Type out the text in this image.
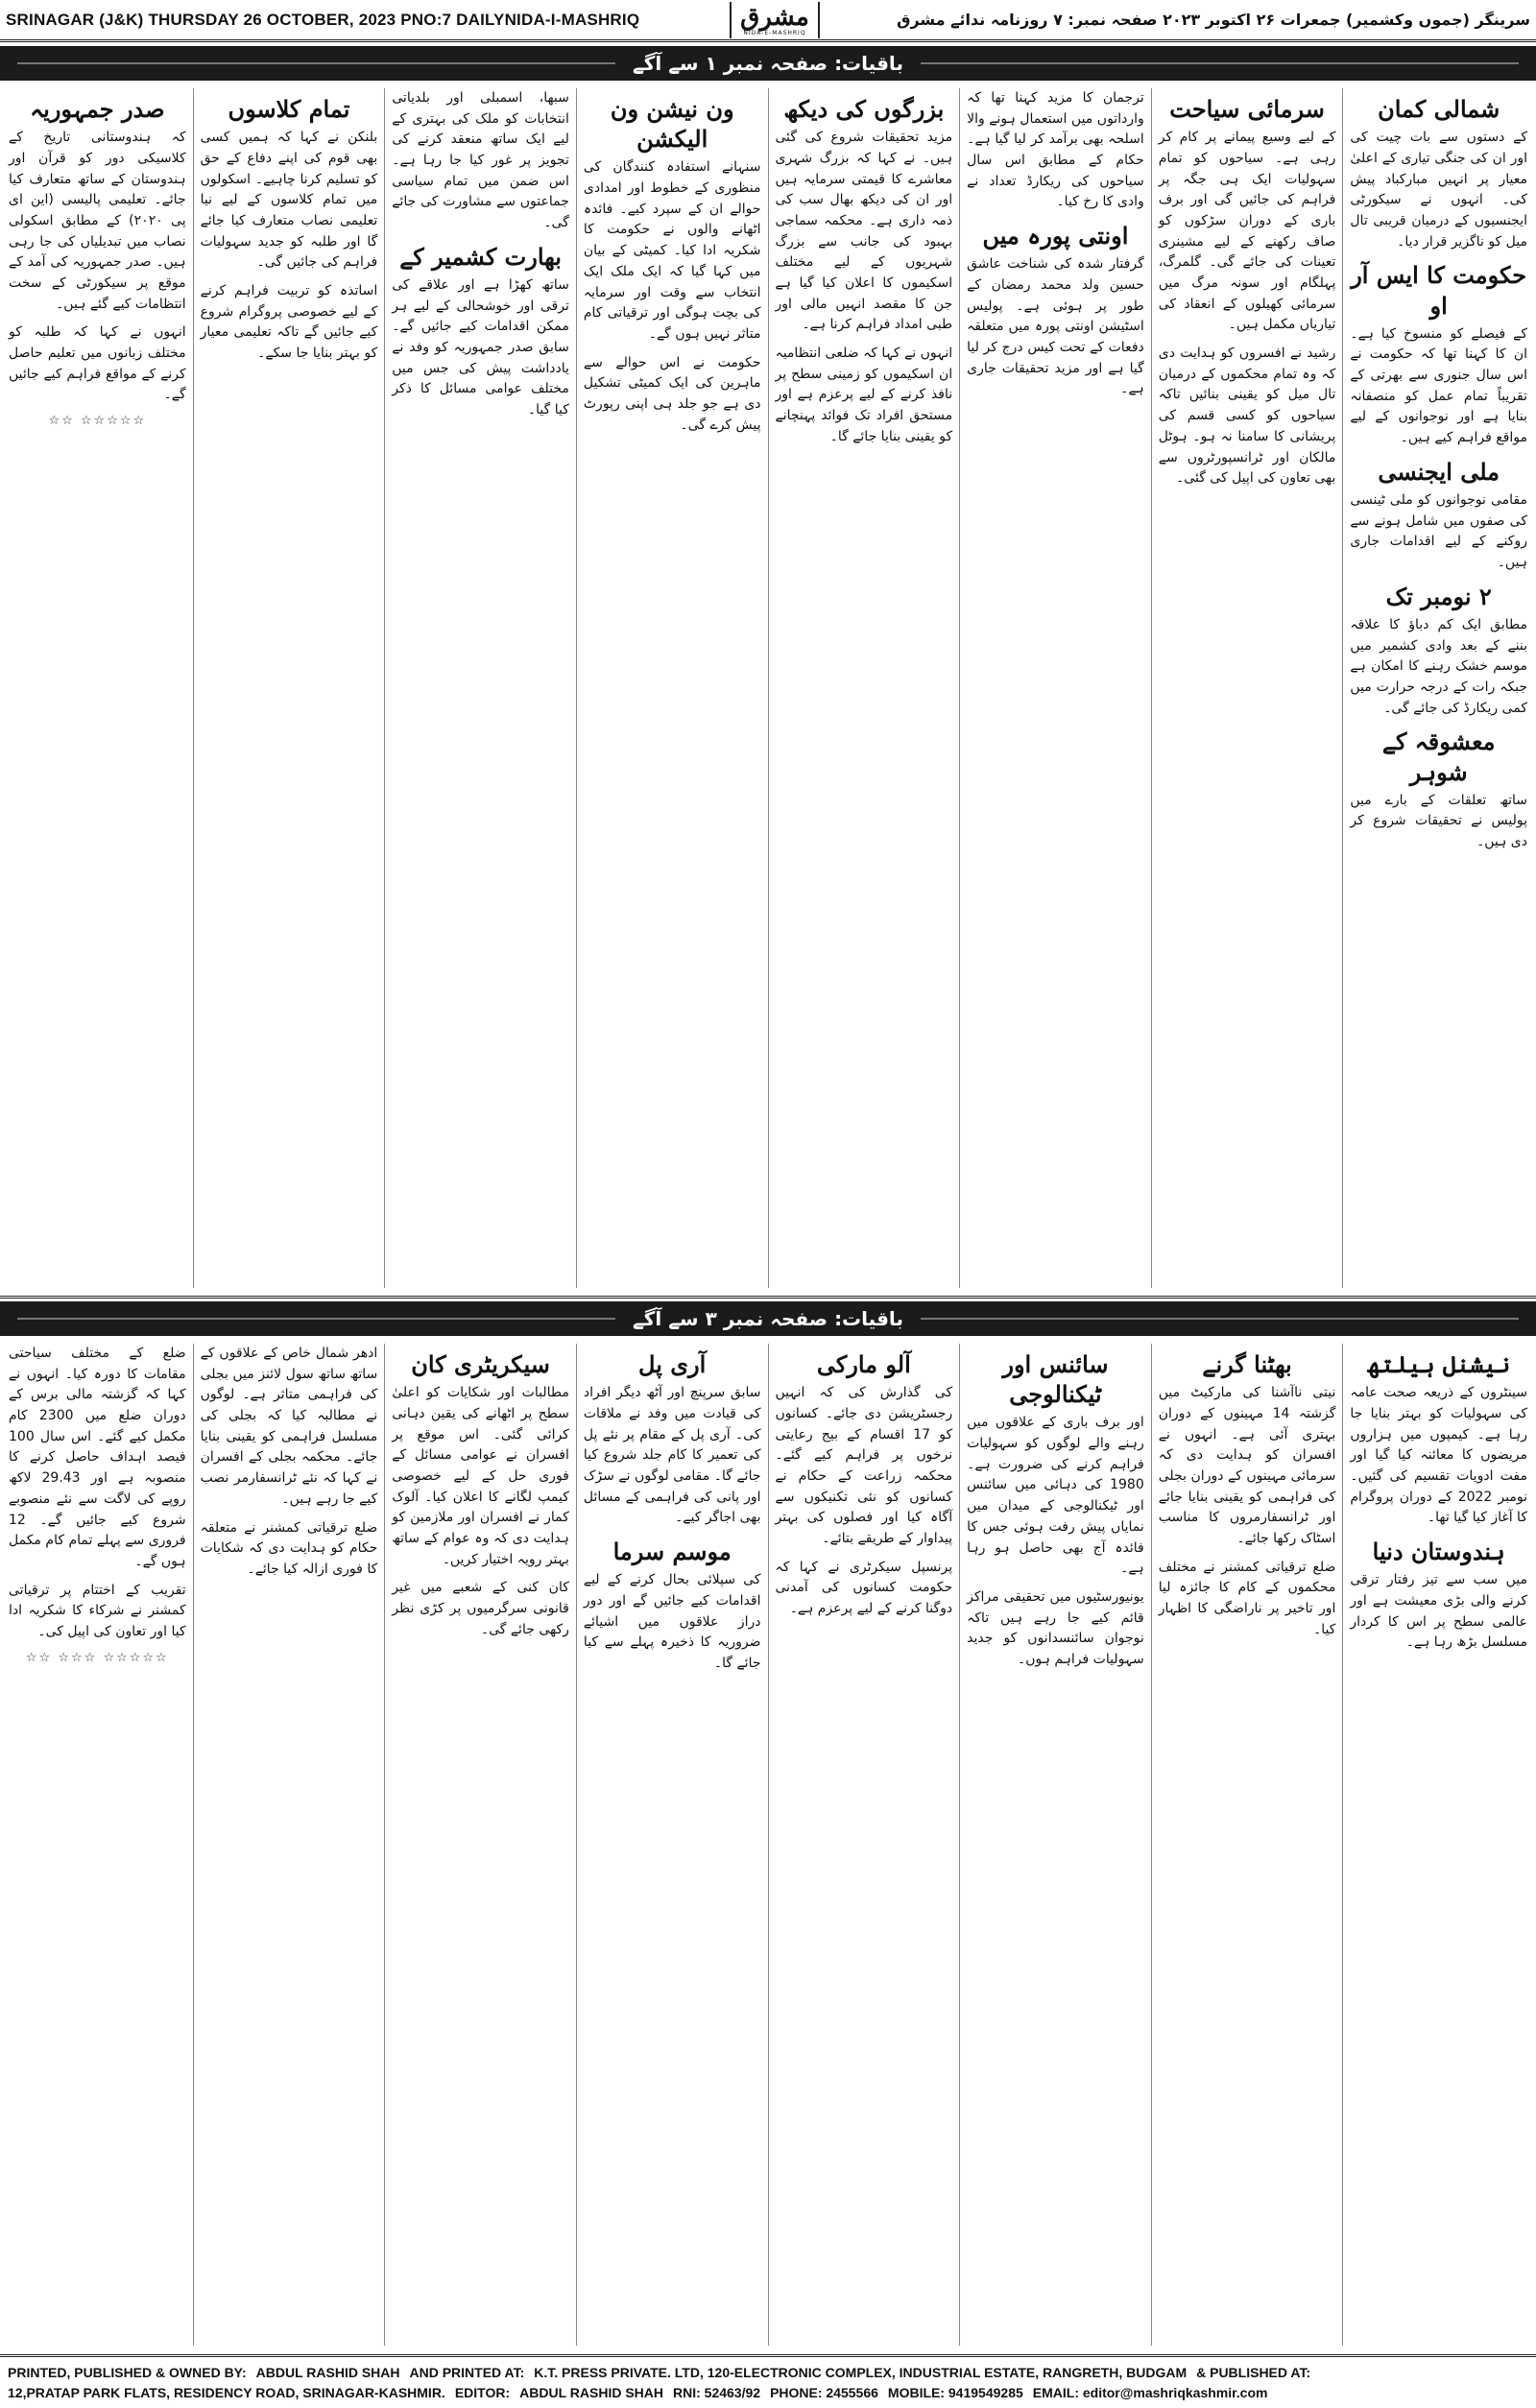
SRINAGAR (J&K) THURSDAY 26 OCTOBER, 2023 PNO:7 DAILYNIDA-I-MASHRIQ	سرینگر (جموں وکشمیر) جمعرات ۲۶ اکتوبر ۲۰۲۳ صفحہ نمبر: ۷ روزنامہ ندائے مشرق
مشرق
NIDA-E-MASHRIQ
باقیات: صفحہ نمبر ۱ سے آگے
شمالی کمان

کے دستوں سے بات چیت کی اور ان کی جنگی تیاری کے اعلیٰ معیار پر انہیں مبارکباد پیش کی۔ انہوں نے سیکورٹی ایجنسیوں کے درمیان قریبی تال میل کو ناگزیر قرار دیا۔

حکومت کا ایس آر او

کے فیصلے کو منسوخ کیا ہے۔ ان کا کہنا تھا کہ حکومت نے اس سال جنوری سے بھرتی کے تقریباً تمام عمل کو منصفانہ بنایا ہے اور نوجوانوں کے لیے مواقع فراہم کیے ہیں۔

ملی ایجنسی

مقامی نوجوانوں کو ملی ٹینسی کی صفوں میں شامل ہونے سے روکنے کے لیے اقدامات جاری ہیں۔

۲ نومبر تک

مطابق ایک کم دباؤ کا علاقہ بننے کے بعد وادی کشمیر میں موسم خشک رہنے کا امکان ہے جبکہ رات کے درجہ حرارت میں کمی ریکارڈ کی جائے گی۔

معشوقہ کے شوہر

ساتھ تعلقات کے بارے میں پولیس نے تحقیقات شروع کر دی ہیں۔

سرمائی سیاحت

کے لیے وسیع پیمانے پر کام کر رہی ہے۔ سیاحوں کو تمام سہولیات ایک ہی جگہ پر فراہم کی جائیں گی اور برف باری کے دوران سڑکوں کو صاف رکھنے کے لیے مشینری تعینات کی جائے گی۔ گلمرگ، پہلگام اور سونہ مرگ میں سرمائی کھیلوں کے انعقاد کی تیاریاں مکمل ہیں۔

رشید نے افسروں کو ہدایت دی کہ وہ تمام محکموں کے درمیان تال میل کو یقینی بنائیں تاکہ سیاحوں کو کسی قسم کی پریشانی کا سامنا نہ ہو۔ ہوٹل مالکان اور ٹرانسپورٹروں سے بھی تعاون کی اپیل کی گئی۔

ترجمان کا مزید کہنا تھا کہ وارداتوں میں استعمال ہونے والا اسلحہ بھی برآمد کر لیا گیا ہے۔ حکام کے مطابق اس سال سیاحوں کی ریکارڈ تعداد نے وادی کا رخ کیا۔

اونتی پورہ میں

گرفتار شدہ کی شناخت عاشق حسین ولد محمد رمضان کے طور پر ہوئی ہے۔ پولیس اسٹیشن اونتی پورہ میں متعلقہ دفعات کے تحت کیس درج کر لیا گیا ہے اور مزید تحقیقات جاری ہے۔

بزرگوں کی دیکھ

مزید تحقیقات شروع کی گئی ہیں۔ نے کہا کہ بزرگ شہری معاشرے کا قیمتی سرمایہ ہیں اور ان کی دیکھ بھال سب کی ذمہ داری ہے۔ محکمہ سماجی بہبود کی جانب سے بزرگ شہریوں کے لیے مختلف اسکیموں کا اعلان کیا گیا ہے جن کا مقصد انہیں مالی اور طبی امداد فراہم کرنا ہے۔

انہوں نے کہا کہ ضلعی انتظامیہ ان اسکیموں کو زمینی سطح پر نافذ کرنے کے لیے پرعزم ہے اور مستحق افراد تک فوائد پہنچانے کو یقینی بنایا جائے گا۔

ون نیشن ون الیکشن

سنہانے استفادہ کنندگان کی منظوری کے خطوط اور امدادی حوالے ان کے سپرد کیے۔ فائدہ اٹھانے والوں نے حکومت کا شکریہ ادا کیا۔ کمیٹی کے بیان میں کہا گیا کہ ایک ملک ایک انتخاب سے وقت اور سرمایہ کی بچت ہوگی اور ترقیاتی کام متاثر نہیں ہوں گے۔

حکومت نے اس حوالے سے ماہرین کی ایک کمیٹی تشکیل دی ہے جو جلد ہی اپنی رپورٹ پیش کرے گی۔

سبھا، اسمبلی اور بلدیاتی انتخابات کو ملک کی بہتری کے لیے ایک ساتھ منعقد کرنے کی تجویز پر غور کیا جا رہا ہے۔ اس ضمن میں تمام سیاسی جماعتوں سے مشاورت کی جائے گی۔

بھارت کشمیر کے

ساتھ کھڑا ہے اور علاقے کی ترقی اور خوشحالی کے لیے ہر ممکن اقدامات کیے جائیں گے۔ سابق صدر جمہوریہ کو وفد نے یادداشت پیش کی جس میں مختلف عوامی مسائل کا ذکر کیا گیا۔

تمام کلاسوں

بلنکن نے کہا کہ ہمیں کسی بھی قوم کی اپنے دفاع کے حق کو تسلیم کرنا چاہیے۔ اسکولوں میں تمام کلاسوں کے لیے نیا تعلیمی نصاب متعارف کیا جائے گا اور طلبہ کو جدید سہولیات فراہم کی جائیں گی۔

اساتذہ کو تربیت فراہم کرنے کے لیے خصوصی پروگرام شروع کیے جائیں گے تاکہ تعلیمی معیار کو بہتر بنایا جا سکے۔

صدر جمہوریہ

کہ ہندوستانی تاریخ کے کلاسیکی دور کو قرآن اور ہندوستان کے ساتھ متعارف کیا جائے۔ تعلیمی پالیسی (این ای پی ۲۰۲۰) کے مطابق اسکولی نصاب میں تبدیلیاں کی جا رہی ہیں۔ صدر جمہوریہ کی آمد کے موقع پر سیکورٹی کے سخت انتظامات کیے گئے ہیں۔

انہوں نے کہا کہ طلبہ کو مختلف زبانوں میں تعلیم حاصل کرنے کے مواقع فراہم کیے جائیں گے۔

☆☆☆☆☆ ☆☆
باقیات: صفحہ نمبر ۳ سے آگے
نیشنل ہیلتھ

سینٹروں کے ذریعہ صحت عامہ کی سہولیات کو بہتر بنایا جا رہا ہے۔ کیمپوں میں ہزاروں مریضوں کا معائنہ کیا گیا اور مفت ادویات تقسیم کی گئیں۔ نومبر 2022 کے دوران پروگرام کا آغاز کیا گیا تھا۔

ہندوستان دنیا

میں سب سے تیز رفتار ترقی کرنے والی بڑی معیشت ہے اور عالمی سطح پر اس کا کردار مسلسل بڑھ رہا ہے۔

بھٹنا گرنے

نیتی ناآشنا کی مارکیٹ میں گزشتہ 14 مہینوں کے دوران بہتری آئی ہے۔ انہوں نے افسران کو ہدایت دی کہ سرمائی مہینوں کے دوران بجلی کی فراہمی کو یقینی بنایا جائے اور ٹرانسفارمروں کا مناسب اسٹاک رکھا جائے۔

ضلع ترقیاتی کمشنر نے مختلف محکموں کے کام کا جائزہ لیا اور تاخیر پر ناراضگی کا اظہار کیا۔

سائنس اور ٹیکنالوجی

اور برف باری کے علاقوں میں رہنے والے لوگوں کو سہولیات فراہم کرنے کی ضرورت ہے۔ 1980 کی دہائی میں سائنس اور ٹیکنالوجی کے میدان میں نمایاں پیش رفت ہوئی جس کا فائدہ آج بھی حاصل ہو رہا ہے۔

یونیورسٹیوں میں تحقیقی مراکز قائم کیے جا رہے ہیں تاکہ نوجوان سائنسدانوں کو جدید سہولیات فراہم ہوں۔

آلو مارکی

کی گذارش کی کہ انہیں رجسٹریشن دی جائے۔ کسانوں کو 17 اقسام کے بیج رعایتی نرخوں پر فراہم کیے گئے۔ محکمہ زراعت کے حکام نے کسانوں کو نئی تکنیکوں سے آگاہ کیا اور فصلوں کی بہتر پیداوار کے طریقے بتائے۔

پرنسپل سیکرٹری نے کہا کہ حکومت کسانوں کی آمدنی دوگنا کرنے کے لیے پرعزم ہے۔

آری پل

سابق سرپنچ اور آٹھ دیگر افراد کی قیادت میں وفد نے ملاقات کی۔ آری پل کے مقام پر نئے پل کی تعمیر کا کام جلد شروع کیا جائے گا۔ مقامی لوگوں نے سڑک اور پانی کی فراہمی کے مسائل بھی اجاگر کیے۔

موسم سرما

کی سپلائی بحال کرنے کے لیے اقدامات کیے جائیں گے اور دور دراز علاقوں میں اشیائے ضروریہ کا ذخیرہ پہلے سے کیا جائے گا۔

سیکریٹری کان

مطالبات اور شکایات کو اعلیٰ سطح پر اٹھانے کی یقین دہانی کرائی گئی۔ اس موقع پر افسران نے عوامی مسائل کے فوری حل کے لیے خصوصی کیمپ لگانے کا اعلان کیا۔ آلوک کمار نے افسران اور ملازمین کو ہدایت دی کہ وہ عوام کے ساتھ بہتر رویہ اختیار کریں۔

کان کنی کے شعبے میں غیر قانونی سرگرمیوں پر کڑی نظر رکھی جائے گی۔

ادھر شمال خاص کے علاقوں کے ساتھ ساتھ سول لائنز میں بجلی کی فراہمی متاثر ہے۔ لوگوں نے مطالبہ کیا کہ بجلی کی مسلسل فراہمی کو یقینی بنایا جائے۔ محکمہ بجلی کے افسران نے کہا کہ نئے ٹرانسفارمر نصب کیے جا رہے ہیں۔

ضلع ترقیاتی کمشنر نے متعلقہ حکام کو ہدایت دی کہ شکایات کا فوری ازالہ کیا جائے۔

ضلع کے مختلف سیاحتی مقامات کا دورہ کیا۔ انہوں نے کہا کہ گزشتہ مالی برس کے دوران ضلع میں 2300 کام مکمل کیے گئے۔ اس سال 100 فیصد اہداف حاصل کرنے کا منصوبہ ہے اور 29.43 لاکھ روپے کی لاگت سے نئے منصوبے شروع کیے جائیں گے۔ 12 فروری سے پہلے تمام کام مکمل ہوں گے۔

تقریب کے اختتام پر ترقیاتی کمشنر نے شرکاء کا شکریہ ادا کیا اور تعاون کی اپیل کی۔

☆☆☆☆☆ ☆☆☆ ☆☆
PRINTED, PUBLISHED & OWNED BY: ABDUL RASHID SHAH AND PRINTED AT: K.T. PRESS PRIVATE. LTD, 120-ELECTRONIC COMPLEX, INDUSTRIAL ESTATE, RANGRETH, BUDGAM & PUBLISHED AT:
12,PRATAP PARK FLATS, RESIDENCY ROAD, SRINAGAR-KASHMIR. EDITOR: ABDUL RASHID SHAH RNI: 52463/92 PHONE: 2455566 MOBILE: 9419549285 EMAIL: editor@mashriqkashmir.com
